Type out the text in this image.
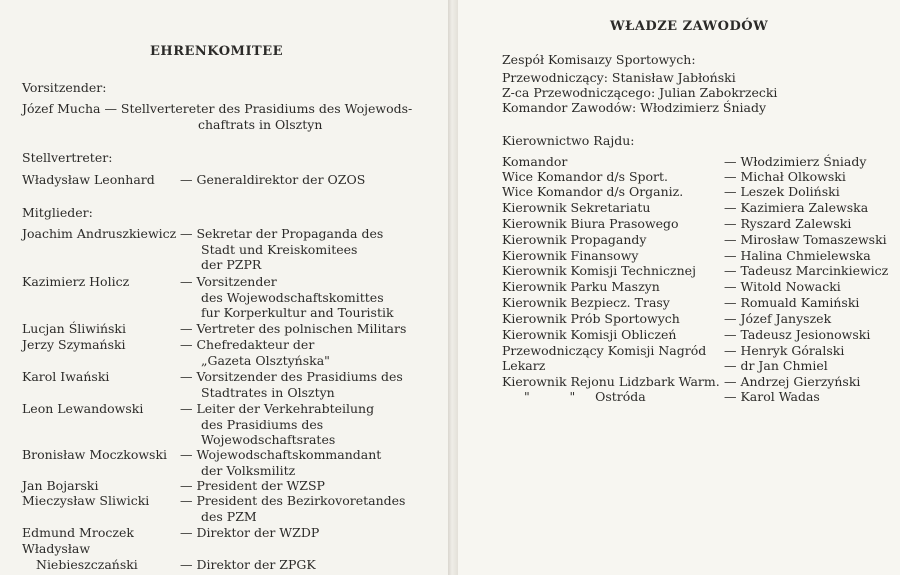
EHRENKOMITEE
Vorsitzender:
Józef Mucha — Stellvertereter des Prasidiums des Wojewods-
chaftrats in Olsztyn
Stellvertreter:
Władysław Leonhard — Generaldirektor der OZOS
Mitglieder:
Joachim Andruszkiewicz — Sekretar der Propaganda des
Stadt und Kreiskomitees
der PZPR
Kazimierz Holicz	— Vorsitzender
des Wojewodschaftskomittes
fur Korperkultur and Touristik
Lucjan Śliwiński	— Vertreter des polnischen Militars
Jerzy Szymański	— Chefredakteur der
„Gazeta Olsztyńska"
Karol Iwański	— Vorsitzender des Prasidiums des
Stadtrates in Olsztyn
Leon Lewandowski	— Leiter der Verkehrabteilung
des Prasidiums des
Wojewodschaftsrates
Bronisław Moczkowski — Wojewodschaftskommandant
der Volksmilitz
Jan Bojarski	— President der WZSP
Mieczysław Sliwicki — President des Bezirkovoretandes
des PZM
Edmund Mroczek	— Direktor der WZDP
Władysław
Niebieszczański	— Direktor der ZPGK
WŁADZE ZAWODÓW
Zespół Komisaızy Sportowych:
Przewodniczący: Stanisław Jabłoński
Z-ca Przewodniczącego: Julian Zabokrzecki
Komandor Zawodów: Włodzimierz Śniady
Kierownictwo Rajdu:
Komandor	— Włodzimierz Śniady
Wice Komandor d/s Sport.	— Michał Olkowski
Wice Komandor d/s Organiz.	— Leszek Doliński
Kierownik Sekretariatu	— Kazimiera Zalewska
Kierownik Biura Prasowego	— Ryszard Zalewski
Kierownik Propagandy	— Mirosław Tomaszewski
Kierownik Finansowy	— Halina Chmielewska
Kierownik Komisji Technicznej — Tadeusz Marcinkiewicz
Kierownik Parku Maszyn	— Witold Nowacki
Kierownik Bezpiecz. Trasy	— Romuald Kamiński
Kierownik Prób Sportowych	— Józef Janyszek
Kierownik Komisji Obliczeń	— Tadeusz Jesionowski
Przewodniczący Komisji Nagród — Henryk Góralski
Lekarz	— dr Jan Chmiel
Kierownik Rejonu Lidzbark Warm. — Andrzej Gierzyński
"          "     Ostróda	— Karol Wadas
